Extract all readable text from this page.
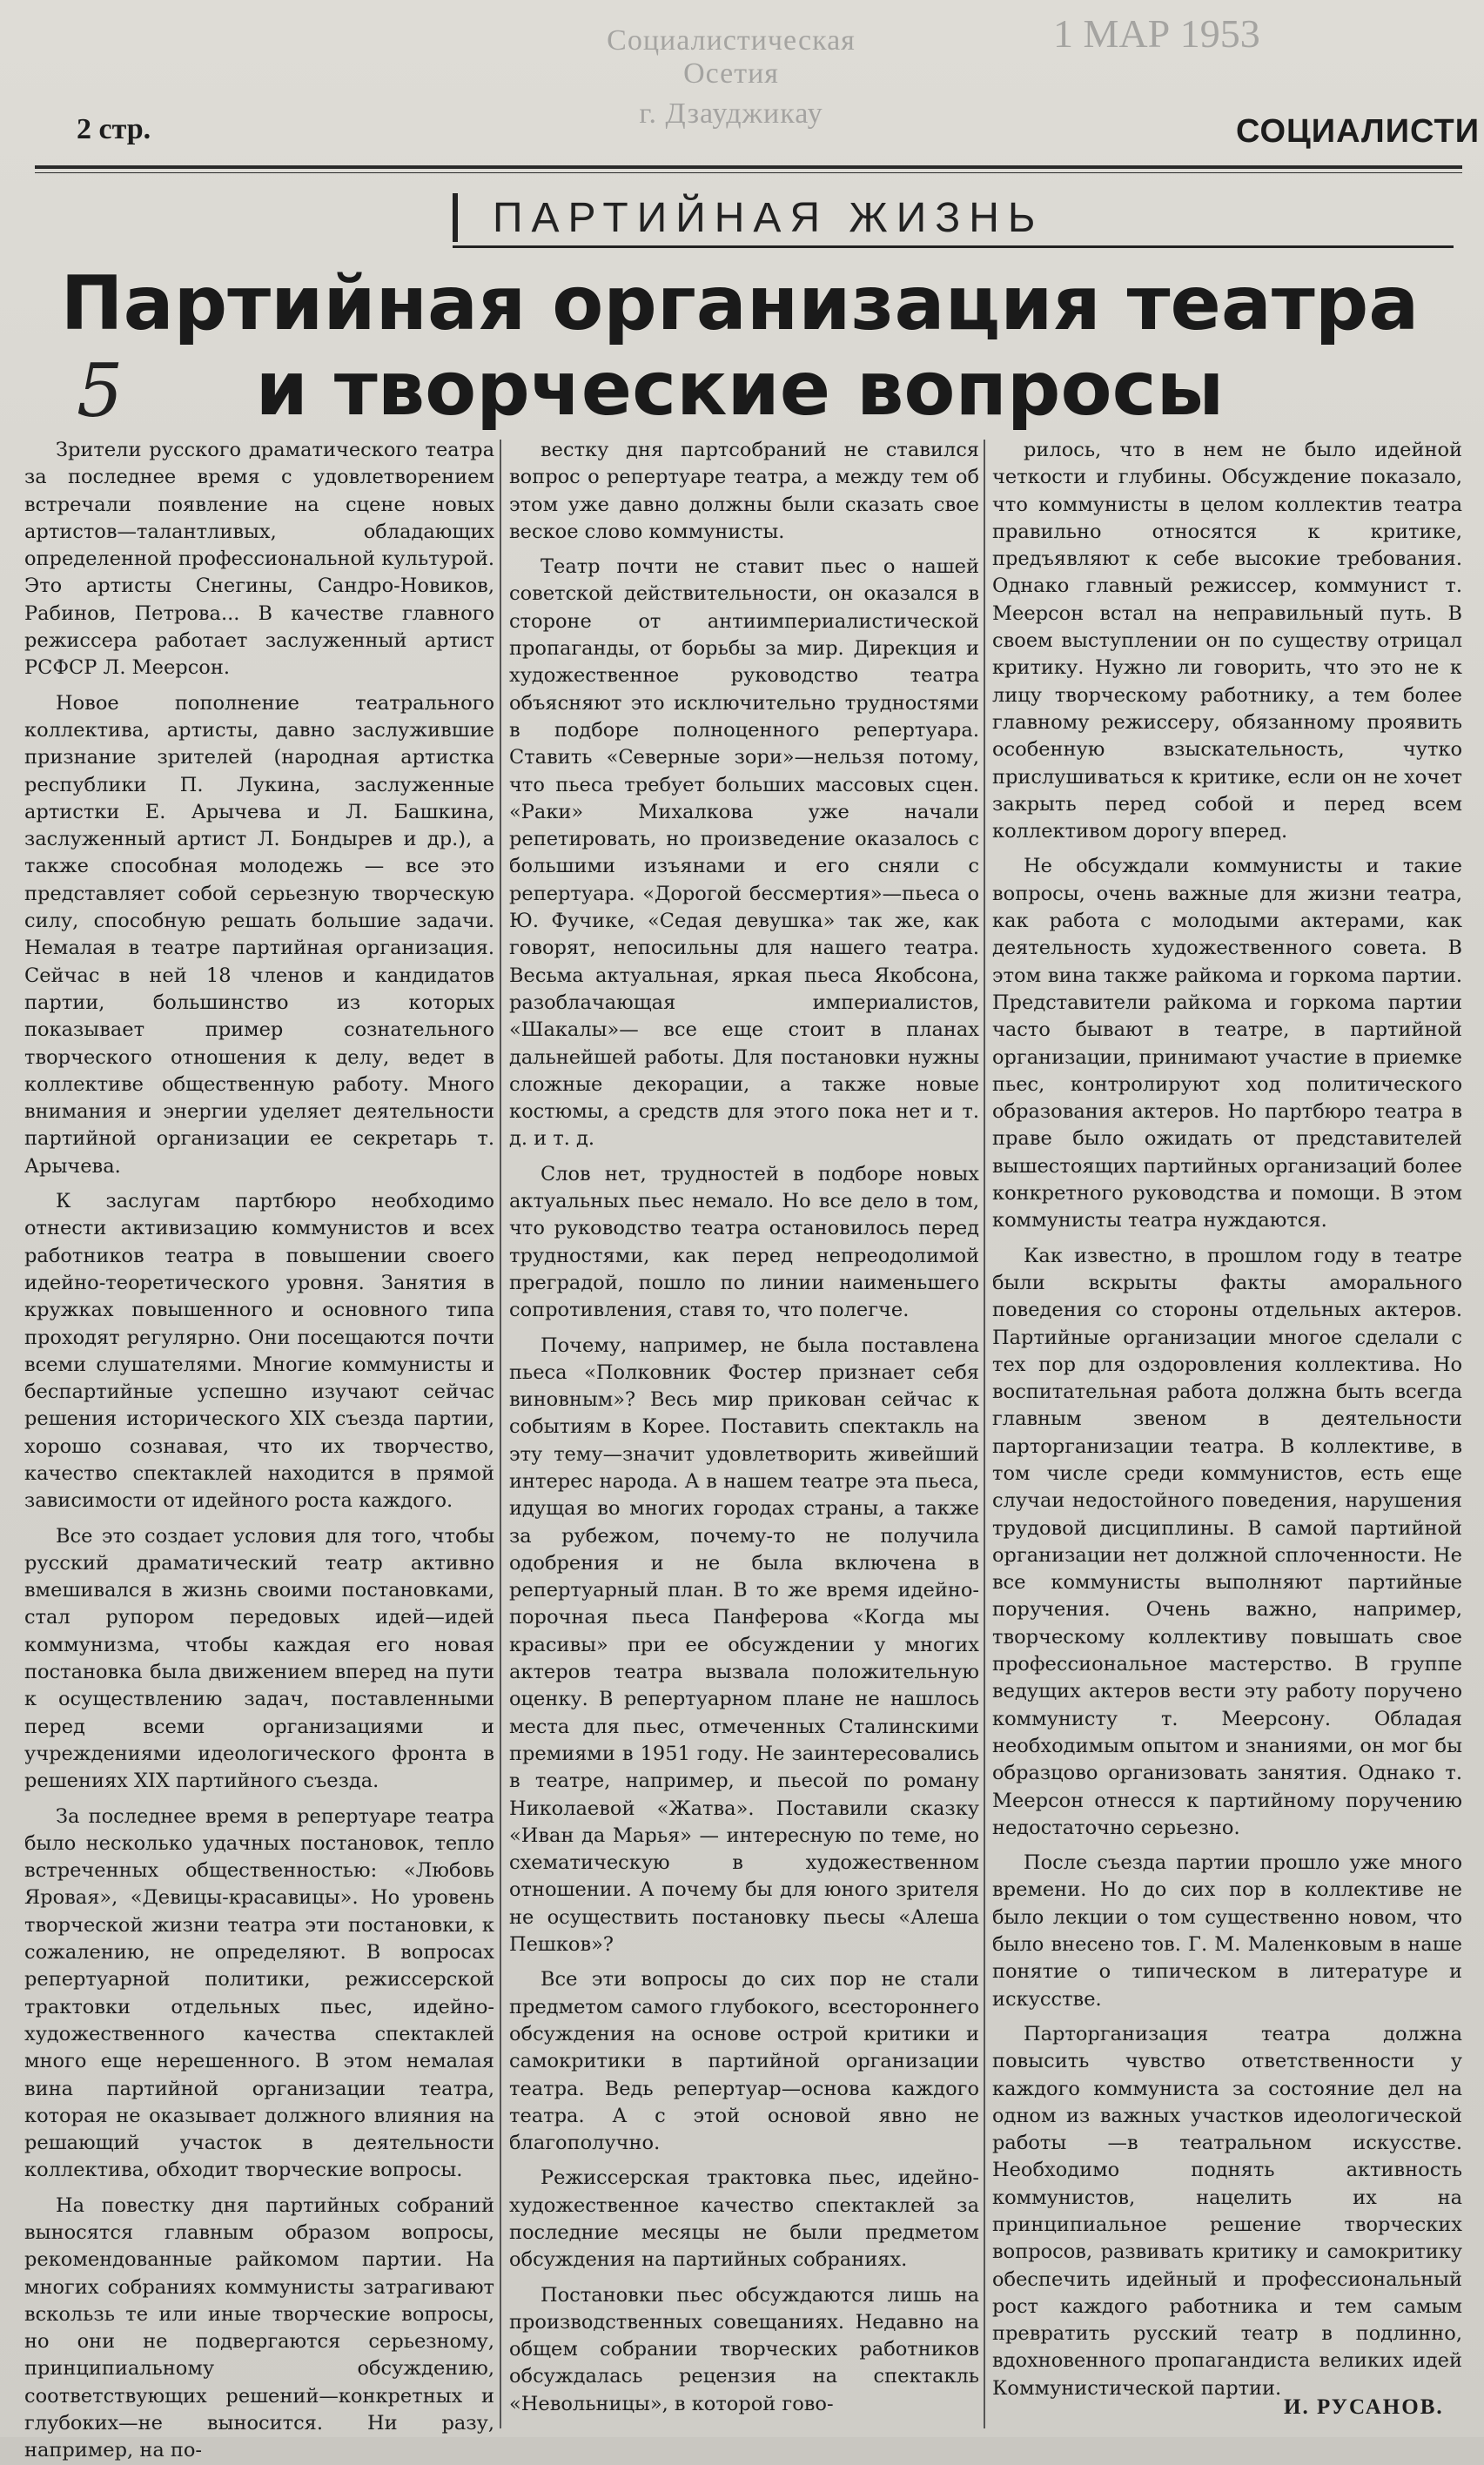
Социалистическая Осетия
г. Дзауджикау
1 МАР 1953
2 стр.	СОЦИАЛИСТИ
ПАРТИЙНАЯ ЖИЗНЬ
Партийная организация театра
и творческие вопросы
5

Зрители русского драматического театра за последнее время с удовлетворением встречали появление на сцене новых артистов—талантливых, обладающих определенной профессиональной культурой. Это артисты Снегины, Сандро-Новиков, Рабинов, Петрова... В качестве главного режиссера работает заслуженный артист РСФСР Л. Меерсон.

Новое пополнение театрального коллектива, артисты, давно заслужившие признание зрителей (народная артистка республики П. Лукина, заслуженные артистки Е. Арычева и Л. Башкина, заслуженный артист Л. Бондырев и др.), а также способная молодежь — все это представляет собой серьезную творческую силу, способную решать большие задачи. Немалая в театре партийная организация. Сейчас в ней 18 членов и кандидатов партии, большинство из которых показывает пример сознательного творческого отношения к делу, ведет в коллективе общественную работу. Много внимания и энергии уделяет деятельности партийной организации ее секретарь т. Арычева.

К заслугам партбюро необходимо отнести активизацию коммунистов и всех работников театра в повышении своего идейно-теоретического уровня. Занятия в кружках повышенного и основного типа проходят регулярно. Они посещаются почти всеми слушателями. Многие коммунисты и беспартийные успешно изучают сейчас решения исторического XIX съезда партии, хорошо сознавая, что их творчество, качество спектаклей находится в прямой зависимости от идейного роста каждого.

Все это создает условия для того, чтобы русский драматический театр активно вмешивался в жизнь своими постановками, стал рупором передовых идей—идей коммунизма, чтобы каждая его новая постановка была движением вперед на пути к осуществлению задач, поставленными перед всеми организациями и учреждениями идеологического фронта в решениях XIX партийного съезда.

За последнее время в репертуаре театра было несколько удачных постановок, тепло встреченных общественностью: «Любовь Яровая», «Девицы-красавицы». Но уровень творческой жизни театра эти постановки, к сожалению, не определяют. В вопросах репертуарной политики, режиссерской трактовки отдельных пьес, идейно-художественного качества спектаклей много еще нерешенного. В этом немалая вина партийной организации театра, которая не оказывает должного влияния на решающий участок в деятельности коллектива, обходит творческие вопросы.

На повестку дня партийных собраний выносятся главным образом вопросы, рекомендованные райкомом партии. На многих собраниях коммунисты затрагивают вскользь те или иные творческие вопросы, но они не подвергаются серьезному, принципиальному обсуждению, соответствующих решений—конкретных и глубоких—не выносится. Ни разу, например, на по-

вестку дня партсобраний не ставился вопрос о репертуаре театра, а между тем об этом уже давно должны были сказать свое веское слово коммунисты.

Театр почти не ставит пьес о нашей советской действительности, он оказался в стороне от антиимпериалистической пропаганды, от борьбы за мир. Дирекция и художественное руководство театра объясняют это исключительно трудностями в подборе полноценного репертуара. Ставить «Северные зори»—нельзя потому, что пьеса требует больших массовых сцен. «Раки» Михалкова уже начали репетировать, но произведение оказалось с большими изъянами и его сняли с репертуара. «Дорогой бессмертия»—пьеса о Ю. Фучике, «Седая девушка» так же, как говорят, непосильны для нашего театра. Весьма актуальная, яркая пьеса Якобсона, разоблачающая империалистов, «Шакалы»— все еще стоит в планах дальнейшей работы. Для постановки нужны сложные декорации, а также новые костюмы, а средств для этого пока нет и т. д. и т. д.

Слов нет, трудностей в подборе новых актуальных пьес немало. Но все дело в том, что руководство театра остановилось перед трудностями, как перед непреодолимой преградой, пошло по линии наименьшего сопротивления, ставя то, что полегче.

Почему, например, не была поставлена пьеса «Полковник Фостер признает себя виновным»? Весь мир прикован сейчас к событиям в Корее. Поставить спектакль на эту тему—значит удовлетворить живейший интерес народа. А в нашем театре эта пьеса, идущая во многих городах страны, а также за рубежом, почему-то не получила одобрения и не была включена в репертуарный план. В то же время идейно-порочная пьеса Панферова «Когда мы красивы» при ее обсуждении у многих актеров театра вызвала положительную оценку. В репертуарном плане не нашлось места для пьес, отмеченных Сталинскими премиями в 1951 году. Не заинтересовались в театре, например, и пьесой по роману Николаевой «Жатва». Поставили сказку «Иван да Марья» — интересную по теме, но схематическую в художественном отношении. А почему бы для юного зрителя не осуществить постановку пьесы «Алеша Пешков»?

Все эти вопросы до сих пор не стали предметом самого глубокого, всестороннего обсуждения на основе острой критики и самокритики в партийной организации театра. Ведь репертуар—основа каждого театра. А с этой основой явно не благополучно.

Режиссерская трактовка пьес, идейно-художественное качество спектаклей за последние месяцы не были предметом обсуждения на партийных собраниях.

Постановки пьес обсуждаются лишь на производственных совещаниях. Недавно на общем собрании творческих работников обсуждалась рецензия на спектакль «Невольницы», в которой гово-

рилось, что в нем не было идейной четкости и глубины. Обсуждение показало, что коммунисты в целом коллектив театра правильно относятся к критике, предъявляют к себе высокие требования. Однако главный режиссер, коммунист т. Меерсон встал на неправильный путь. В своем выступлении он по существу отрицал критику. Нужно ли говорить, что это не к лицу творческому работнику, а тем более главному режиссеру, обязанному проявить особенную взыскательность, чутко прислушиваться к критике, если он не хочет закрыть перед собой и перед всем коллективом дорогу вперед.

Не обсуждали коммунисты и такие вопросы, очень важные для жизни театра, как работа с молодыми актерами, как деятельность художественного совета. В этом вина также райкома и горкома партии. Представители райкома и горкома партии часто бывают в театре, в партийной организации, принимают участие в приемке пьес, контролируют ход политического образования актеров. Но партбюро театра в праве было ожидать от представителей вышестоящих партийных организаций более конкретного руководства и помощи. В этом коммунисты театра нуждаются.

Как известно, в прошлом году в театре были вскрыты факты аморального поведения со стороны отдельных актеров. Партийные организации многое сделали с тех пор для оздоровления коллектива. Но воспитательная работа должна быть всегда главным звеном в деятельности партоpганизации театра. В коллективе, в том числе среди коммунистов, есть еще случаи недостойного поведения, нарушения трудовой дисциплины. В самой партийной организации нет должной сплоченности. Не все коммунисты выполняют партийные поручения. Очень важно, например, творческому коллективу повышать свое профессиональное мастерство. В группе ведущих актеров вести эту работу поручено коммунисту т. Меерсону. Обладая необходимым опытом и знаниями, он мог бы образцово организовать занятия. Однако т. Меерсон отнесся к партийному поручению недостаточно серьезно.

После съезда партии прошло уже много времени. Но до сих пор в коллективе не было лекции о том существенно новом, что было внесено тов. Г. М. Маленковым в наше понятие о типическом в литературе и искусстве.

Партоpганизация театра должна повысить чувство ответственности у каждого коммуниста за состояние дел на одном из важных участков идеологической работы —в театральном искусстве. Необходимо поднять активность коммунистов, нацелить их на принципиальное решение творческих вопросов, развивать критику и самокритику обеспечить идейный и профессиональный рост каждого работника и тем самым превратить русский театр в подлинно, вдохновенного пропагандиста великих идей Коммунистической партии.

И. РУСАНОВ.
